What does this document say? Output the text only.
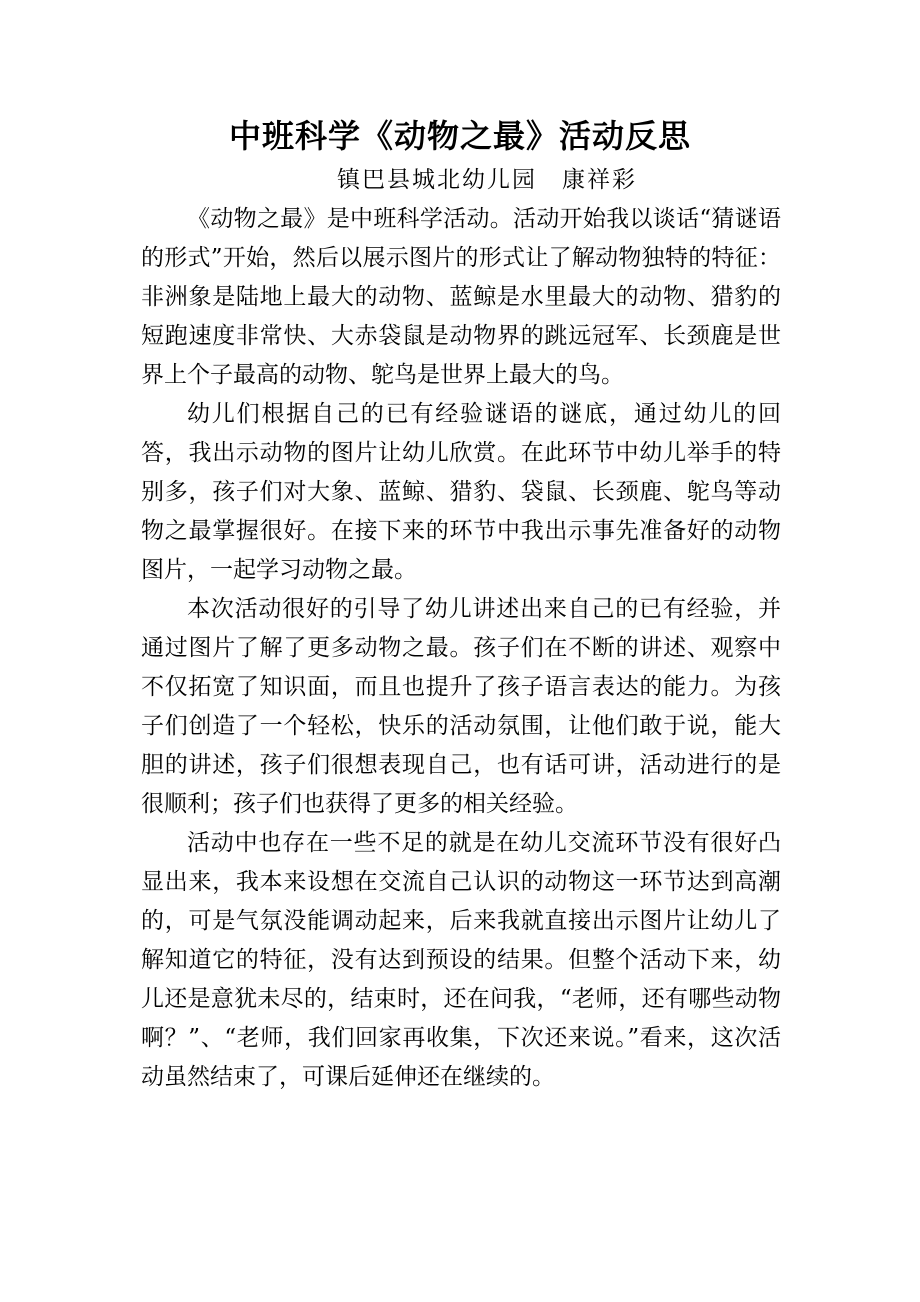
中班科学《动物之最》活动反思

镇巴县城北幼儿园　康祥彩

《动物之最》是中班科学活动。活动开始我以谈话“猜谜语的形式”开始，然后以展示图片的形式让了解动物独特的特征：非洲象是陆地上最大的动物、蓝鲸是水里最大的动物、猎豹的短跑速度非常快、大赤袋鼠是动物界的跳远冠军、长颈鹿是世界上个子最高的动物、鸵鸟是世界上最大的鸟。

幼儿们根据自己的已有经验谜语的谜底，通过幼儿的回答，我出示动物的图片让幼儿欣赏。在此环节中幼儿举手的特别多，孩子们对大象、蓝鲸、猎豹、袋鼠、长颈鹿、鸵鸟等动物之最掌握很好。在接下来的环节中我出示事先准备好的动物图片，一起学习动物之最。

本次活动很好的引导了幼儿讲述出来自己的已有经验，并通过图片了解了更多动物之最。孩子们在不断的讲述、观察中不仅拓宽了知识面，而且也提升了孩子语言表达的能力。为孩子们创造了一个轻松，快乐的活动氛围，让他们敢于说，能大胆的讲述，孩子们很想表现自己，也有话可讲，活动进行的是很顺利；孩子们也获得了更多的相关经验。

活动中也存在一些不足的就是在幼儿交流环节没有很好凸显出来，我本来设想在交流自己认识的动物这一环节达到高潮的，可是气氛没能调动起来，后来我就直接出示图片让幼儿了解知道它的特征，没有达到预设的结果。但整个活动下来，幼儿还是意犹未尽的，结束时，还在问我，“老师，还有哪些动物啊？”、“老师，我们回家再收集，下次还来说。”看来，这次活动虽然结束了，可课后延伸还在继续的。
